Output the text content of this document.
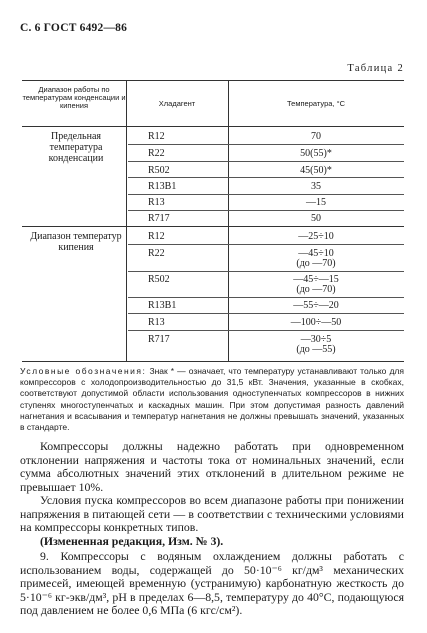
С. 6 ГОСТ 6492—86
Таблица 2
Диапазон работы по температурам конденсации и кипения	Хладагент	Температура, °С
Предельная температура конденсации
R12	70
R22	50(55)*
R502	45(50)*
R13B1	35
R13	—15
R717	50
Диапазон температур кипения
R12	—25÷10
R22	—45÷10
(до —70)
R502	—45÷—15
(до —70)
R13B1	—55÷—20
R13	—100÷—50
R717	—30÷5
(до —55)
Условные обозначения: Знак * — означает, что температуру устанавливают только для компрессоров с холодопроизводительностью до 31,5 кВт. Значения, указанные в скобках, соответствуют допустимой области использования одноступенчатых компрессоров в нижних ступенях многоступенчатых и каскадных машин. При этом допустимая разность давлений нагнетания и всасывания и температур нагнетания не должны превышать значений, указанных в стандарте.
Компрессоры должны надежно работать при одновременном отклонении напряжения и частоты тока от номинальных значений, если сумма абсолютных значений этих отклонений в длительном режиме не превышает 10%.
Условия пуска компрессоров во всем диапазоне работы при понижении напряжения в питающей сети — в соответствии с техническими условиями на компрессоры конкретных типов.
(Измененная редакция, Изм. № 3).
9. Компрессоры с водяным охлаждением должны работать с использованием воды, содержащей до 50·10⁻⁶ кг/дм³ механических примесей, имеющей временную (устранимую) карбонатную жесткость до 5·10⁻⁶ кг-экв/дм³, pH в пределах 6—8,5, температуру до 40°С, подающуюся под давлением не более 0,6 МПа (6 кгс/см²).
